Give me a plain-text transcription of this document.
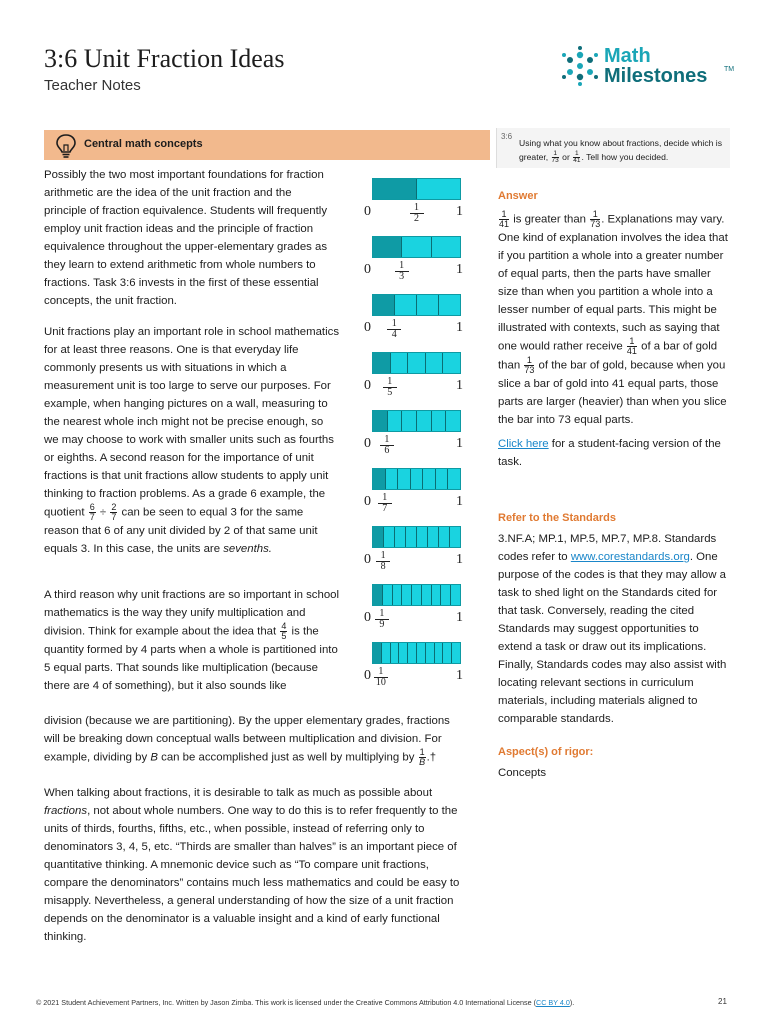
3:6 Unit Fraction Ideas
Teacher Notes
Math
Milestones TM
Central math concepts

Possibly the two most important foundations for fraction arithmetic are the idea of the unit fraction and the principle of fraction equivalence. Students will frequently employ unit fraction ideas and the principle of fraction equivalence throughout the upper-elementary grades as they learn to extend arithmetic from whole numbers to fractions. Task 3:6 invests in the first of these essential concepts, the unit fraction.

Unit fractions play an important role in school mathematics for at least three reasons. One is that everyday life commonly presents us with situations in which a measurement unit is too large to serve our purposes. For example, when hanging pictures on a wall, measuring to the nearest whole inch might not be precise enough, so we may choose to work with smaller units such as fourths or eighths. A second reason for the importance of unit fractions is that unit fractions allow students to apply unit thinking to fraction problems. As a grade 6 example, the quotient $\frac{6}{7} \div \frac{2}{7}$ can be seen to equal 3 for the same reason that 6 of any unit divided by 2 of that same unit equals 3. In this case, the units are sevenths.

A third reason why unit fractions are so important in school mathematics is the way they unify multiplication and division. Think for example about the idea that $\frac{4}{5}$ is the quantity formed by 4 parts when a whole is partitioned into 5 equal parts. That sounds like multiplication (because there are 4 of something), but it also sounds like

division (because we are partitioning). By the upper elementary grades, fractions will be breaking down conceptual walls between multiplication and division. For example, dividing by B can be accomplished just as well by multiplying by $\frac{1}{B}$ .†

When talking about fractions, it is desirable to talk as much as possible about fractions, not about whole numbers. One way to do this is to refer frequently to the units of thirds, fourths, fifths, etc., when possible, instead of referring only to denominators 3, 4, 5, etc. “Thirds are smaller than halves” is an important piece of quantitative thinking. A mnemonic device such as “To compare unit fractions, compare the denominators” contains much less mathematics and could be easy to misapply. Nevertheless, a general understanding of how the size of a unit fraction depends on the denominator is a valuable insight and a kind of early functional thinking.

0	1
$\frac{1}{2}$
0	1
$\frac{1}{3}$
0	1
$\frac{1}{4}$
0	1
$\frac{1}{5}$
0	1
$\frac{1}{6}$
0	1
$\frac{1}{7}$
0	1
$\frac{1}{8}$
0	1
$\frac{1}{9}$
0	1
$\frac{1}{10}$
3:6
Using what you know about fractions, decide which is greater, $\frac{1}{73}$ or $\frac{1}{41}$ . Tell how you decided.
Answer
$\frac{1}{41}$ is greater than $\frac{1}{73}$ . Explanations may vary. One kind of explanation involves the idea that if you partition a whole into a greater number of equal parts, then the parts have smaller size than when you partition a whole into a lesser number of equal parts. This might be illustrated with contexts, such as saying that one would rather receive $\frac{1}{41}$ of a bar of gold than $\frac{1}{73}$ of the bar of gold, because when you slice a bar of gold into 41 equal parts, those parts are larger (heavier) than when you slice the bar into 73 equal parts.
Click here for a student-facing version of the task.
Refer to the Standards
3.NF.A; MP.1, MP.5, MP.7, MP.8. Standards codes refer to www.corestandards.org. One purpose of the codes is that they may allow a task to shed light on the Standards cited for that task. Conversely, reading the cited Standards may suggest opportunities to extend a task or draw out its implications. Finally, Standards codes may also assist with locating relevant sections in curriculum materials, including materials aligned to comparable standards.
Aspect(s) of rigor:
Concepts
© 2021 Student Achievement Partners, Inc. Written by Jason Zimba. This work is licensed under the Creative Commons Attribution 4.0 International License (CC BY 4.0).	21
